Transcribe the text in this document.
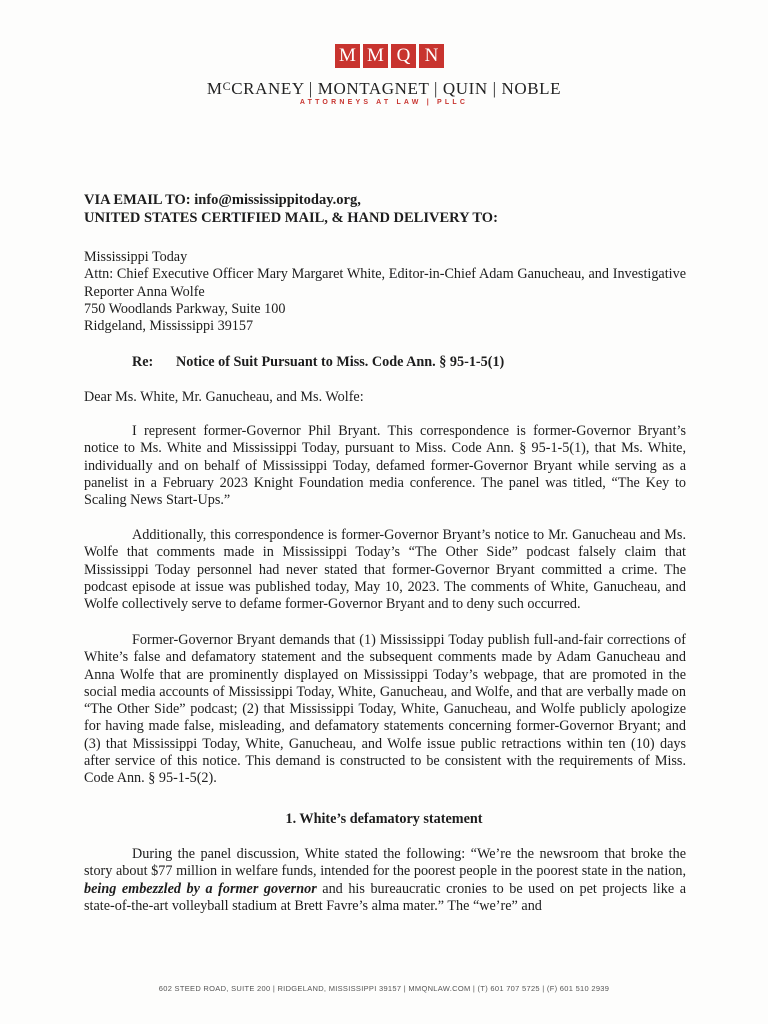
M M Q N
$M^CCRANEY$ | MONTAGNET | QUIN | NOBLE
ATTORNEYS AT LAW | PLLC
VIA EMAIL TO: info@mississippitoday.org,
UNITED STATES CERTIFIED MAIL, & HAND DELIVERY TO:
Mississippi Today
Attn: Chief Executive Officer Mary Margaret White, Editor-in-Chief Adam Ganucheau, and Investigative Reporter Anna Wolfe
750 Woodlands Parkway, Suite 100
Ridgeland, Mississippi 39157
Re: Notice of Suit Pursuant to Miss. Code Ann. § 95-1-5(1)
Dear Ms. White, Mr. Ganucheau, and Ms. Wolfe:
I represent former-Governor Phil Bryant. This correspondence is former-Governor Bryant’s notice to Ms. White and Mississippi Today, pursuant to Miss. Code Ann. § 95-1-5(1), that Ms. White, individually and on behalf of Mississippi Today, defamed former-Governor Bryant while serving as a panelist in a February 2023 Knight Foundation media conference. The panel was titled, “The Key to Scaling News Start-Ups.”
Additionally, this correspondence is former-Governor Bryant’s notice to Mr. Ganucheau and Ms. Wolfe that comments made in Mississippi Today’s “The Other Side” podcast falsely claim that Mississippi Today personnel had never stated that former-Governor Bryant committed a crime. The podcast episode at issue was published today, May 10, 2023. The comments of White, Ganucheau, and Wolfe collectively serve to defame former-Governor Bryant and to deny such occurred.
Former-Governor Bryant demands that (1) Mississippi Today publish full-and-fair corrections of White’s false and defamatory statement and the subsequent comments made by Adam Ganucheau and Anna Wolfe that are prominently displayed on Mississippi Today’s webpage, that are promoted in the social media accounts of Mississippi Today, White, Ganucheau, and Wolfe, and that are verbally made on “The Other Side” podcast; (2) that Mississippi Today, White, Ganucheau, and Wolfe publicly apologize for having made false, misleading, and defamatory statements concerning former-Governor Bryant; and (3) that Mississippi Today, White, Ganucheau, and Wolfe issue public retractions within ten (10) days after service of this notice. This demand is constructed to be consistent with the requirements of Miss. Code Ann. § 95-1-5(2).
1. White’s defamatory statement
During the panel discussion, White stated the following: “We’re the newsroom that broke the story about $77 million in welfare funds, intended for the poorest people in the poorest state in the nation, being embezzled by a former governor and his bureaucratic cronies to be used on pet projects like a state-of-the-art volleyball stadium at Brett Favre’s alma mater.” The “we’re” and
602 STEED ROAD, SUITE 200 | RIDGELAND, MISSISSIPPI 39157 | MMQNLAW.COM | (T) 601 707 5725 | (F) 601 510 2939
